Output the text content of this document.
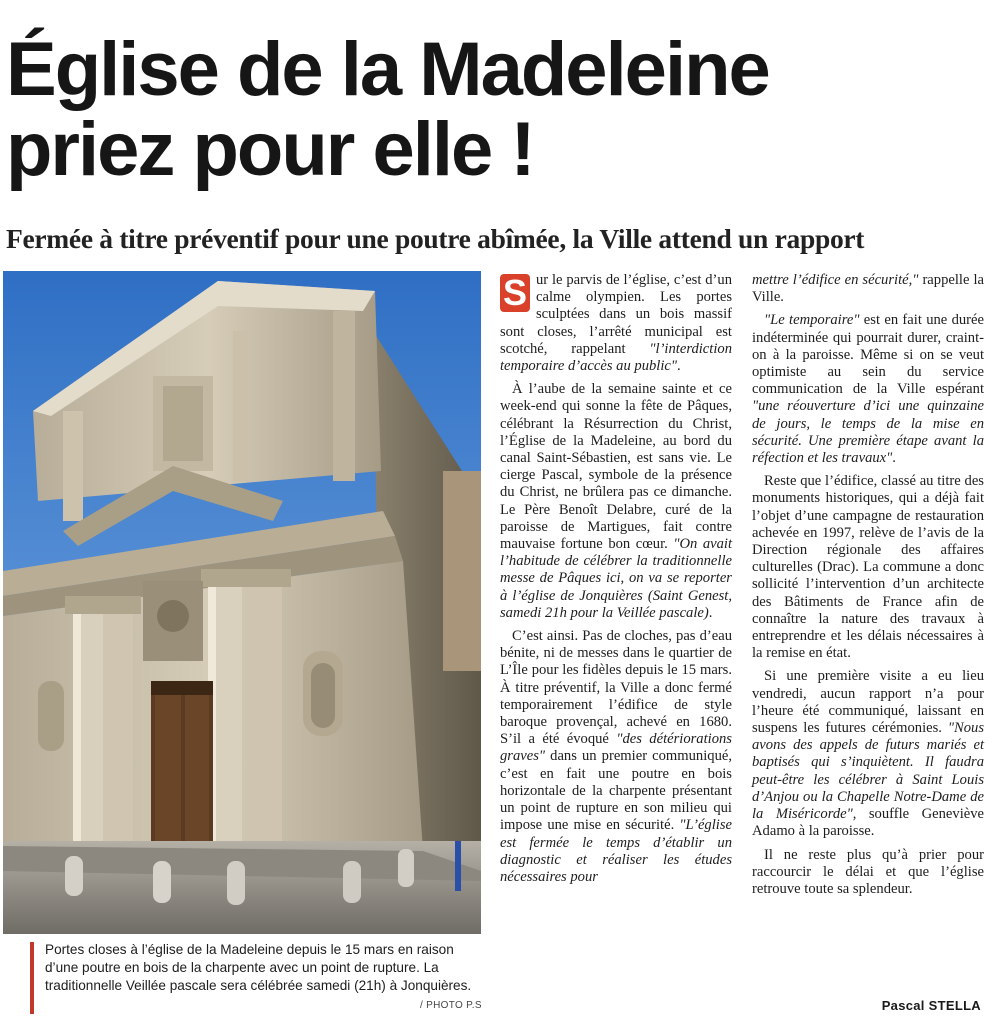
Église de la Madeleine
priez pour elle !
Fermée à titre préventif pour une poutre abîmée, la Ville attend un rapport

Portes closes à l’église de la Madeleine depuis le 15 mars en raison d’une poutre en bois de la charpente avec un point de rupture. La traditionnelle Veillée pascale sera célébrée samedi (21h) à Jonquières.

/ PHOTO P.S

S ur le parvis de l’église, c’est d’un calme olympien. Les portes sculptées dans un bois massif sont closes, l’arrêté municipal est scotché, rappelant "l’interdiction temporaire d’accès au public".

À l’aube de la semaine sainte et ce week-end qui sonne la fête de Pâques, célébrant la Résurrection du Christ, l’Église de la Madeleine, au bord du canal Saint-Sébastien, est sans vie. Le cierge Pascal, symbole de la présence du Christ, ne brûlera pas ce dimanche. Le Père Benoît Delabre, curé de la paroisse de Martigues, fait contre mauvaise fortune bon cœur. "On avait l’habitude de célébrer la traditionnelle messe de Pâques ici, on va se reporter à l’église de Jonquières (Saint Genest, samedi 21h pour la Veillée pascale).

C’est ainsi. Pas de cloches, pas d’eau bénite, ni de messes dans le quartier de L’Île pour les fidèles depuis le 15 mars. À titre préventif, la Ville a donc fermé temporairement l’édifice de style baroque provençal, achevé en 1680. S’il a été évoqué "des détériorations graves" dans un premier communiqué, c’est en fait une poutre en bois horizontale de la charpente présentant un point de rupture en son milieu qui impose une mise en sécurité. "L’église est fermée le temps d’établir un diagnostic et réaliser les études nécessaires pour

mettre l’édifice en sécurité," rappelle la Ville.

"Le temporaire" est en fait une durée indéterminée qui pourrait durer, craint-on à la paroisse. Même si on se veut optimiste au sein du service communication de la Ville espérant "une réouverture d’ici une quinzaine de jours, le temps de la mise en sécurité. Une première étape avant la réfection et les travaux".

Reste que l’édifice, classé au titre des monuments historiques, qui a déjà fait l’objet d’une campagne de restauration achevée en 1997, relève de l’avis de la Direction régionale des affaires culturelles (Drac). La commune a donc sollicité l’intervention d’un architecte des Bâtiments de France afin de connaître la nature des travaux à entreprendre et les délais nécessaires à la remise en état.

Si une première visite a eu lieu vendredi, aucun rapport n’a pour l’heure été communiqué, laissant en suspens les futures cérémonies. "Nous avons des appels de futurs mariés et baptisés qui s’inquiètent. Il faudra peut-être les célébrer à Saint Louis d’Anjou ou la Chapelle Notre-Dame de la Miséricorde", souffle Geneviève Adamo à la paroisse.

Il ne reste plus qu’à prier pour raccourcir le délai et que l’église retrouve toute sa splendeur.

Pascal STELLA
